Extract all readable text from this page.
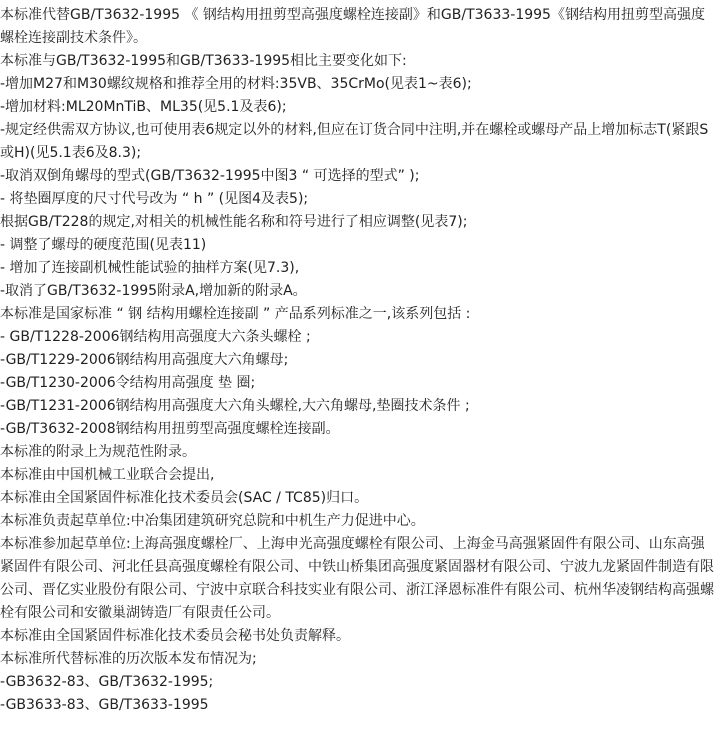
本标准代替GB/T3632-1995 《 钢结构用扭剪型高强度螺栓连接副》和GB/T3633-1995《钢结构用扭剪型高强度螺栓连接副技术条件》。

本标准与GB/T3632-1995和GB/T3633-1995相比主要变化如下:

-增加M27和M30螺纹规格和推荐全用的材料:35VB、35CrMo(见表1~表6);

-增加材料:ML20MnTiB、ML35(见5.1及表6);

-规定经供需双方协议,也可使用表6规定以外的材料,但应在订货合同中注明,并在螺栓或螺母产品上增加标志T(紧跟S或H)(见5.1表6及8.3);

-取消双倒角螺母的型式(GB/T3632-1995中图3 “ 可选择的型式” );

- 将垫圈厚度的尺寸代号改为 “ h ” (见图4及表5);

根据GB/T228的规定,对相关的机械性能名称和符号进行了相应调整(见表7);

- 调整了螺母的硬度范围(见表11)

- 增加了连接副机械性能试验的抽样方案(见7.3),

-取消了GB/T3632-1995附录A,增加新的附录A。

本标准是国家标准 “ 钢 结构用螺栓连接副 ” 产品系列标准之一,该系列包括 :

- GB/T1228-2006钢结构用高强度大六条头螺栓 ;

-GB/T1229-2006钢结构用高强度大六角螺母;

-GB/T1230-2006令结构用高强度 垫 圈;

-GB/T1231-2006钢结构用高强度大六角头螺栓,大六角螺母,垫圈技术条件 ;

-GB/T3632-2008钢结构用扭剪型高强度螺栓连接副。

本标准的附录上为规范性附录。

本标准由中国机械工业联合会提出,

本标准由全国紧固件标准化技术委员会(SAC / TC85)归口。

本标准负责起草单位:中冶集团建筑研究总院和中机生产力促进中心。

本标准参加起草单位:上海高强度螺栓厂、上海申光高强度螺栓有限公司、上海金马高强紧固件有限公司、山东高强紧固件有限公司、河北任县高强度螺栓有限公司、中铁山桥集团高强度紧固器材有限公司、宁波九龙紧固件制造有限公司、晋亿实业股份有限公司、宁波中京联合科技实业有限公司、浙江泽恩标准件有限公司、杭州华凌钢结构高强螺栓有限公司和安徽巢湖铸造厂有限责任公司。

本标准由全国紧固件标准化技术委员会秘书处负责解释。

本标准所代替标准的历次版本发布情况为;

-GB3632-83、GB/T3632-1995;

-GB3633-83、GB/T3633-1995
